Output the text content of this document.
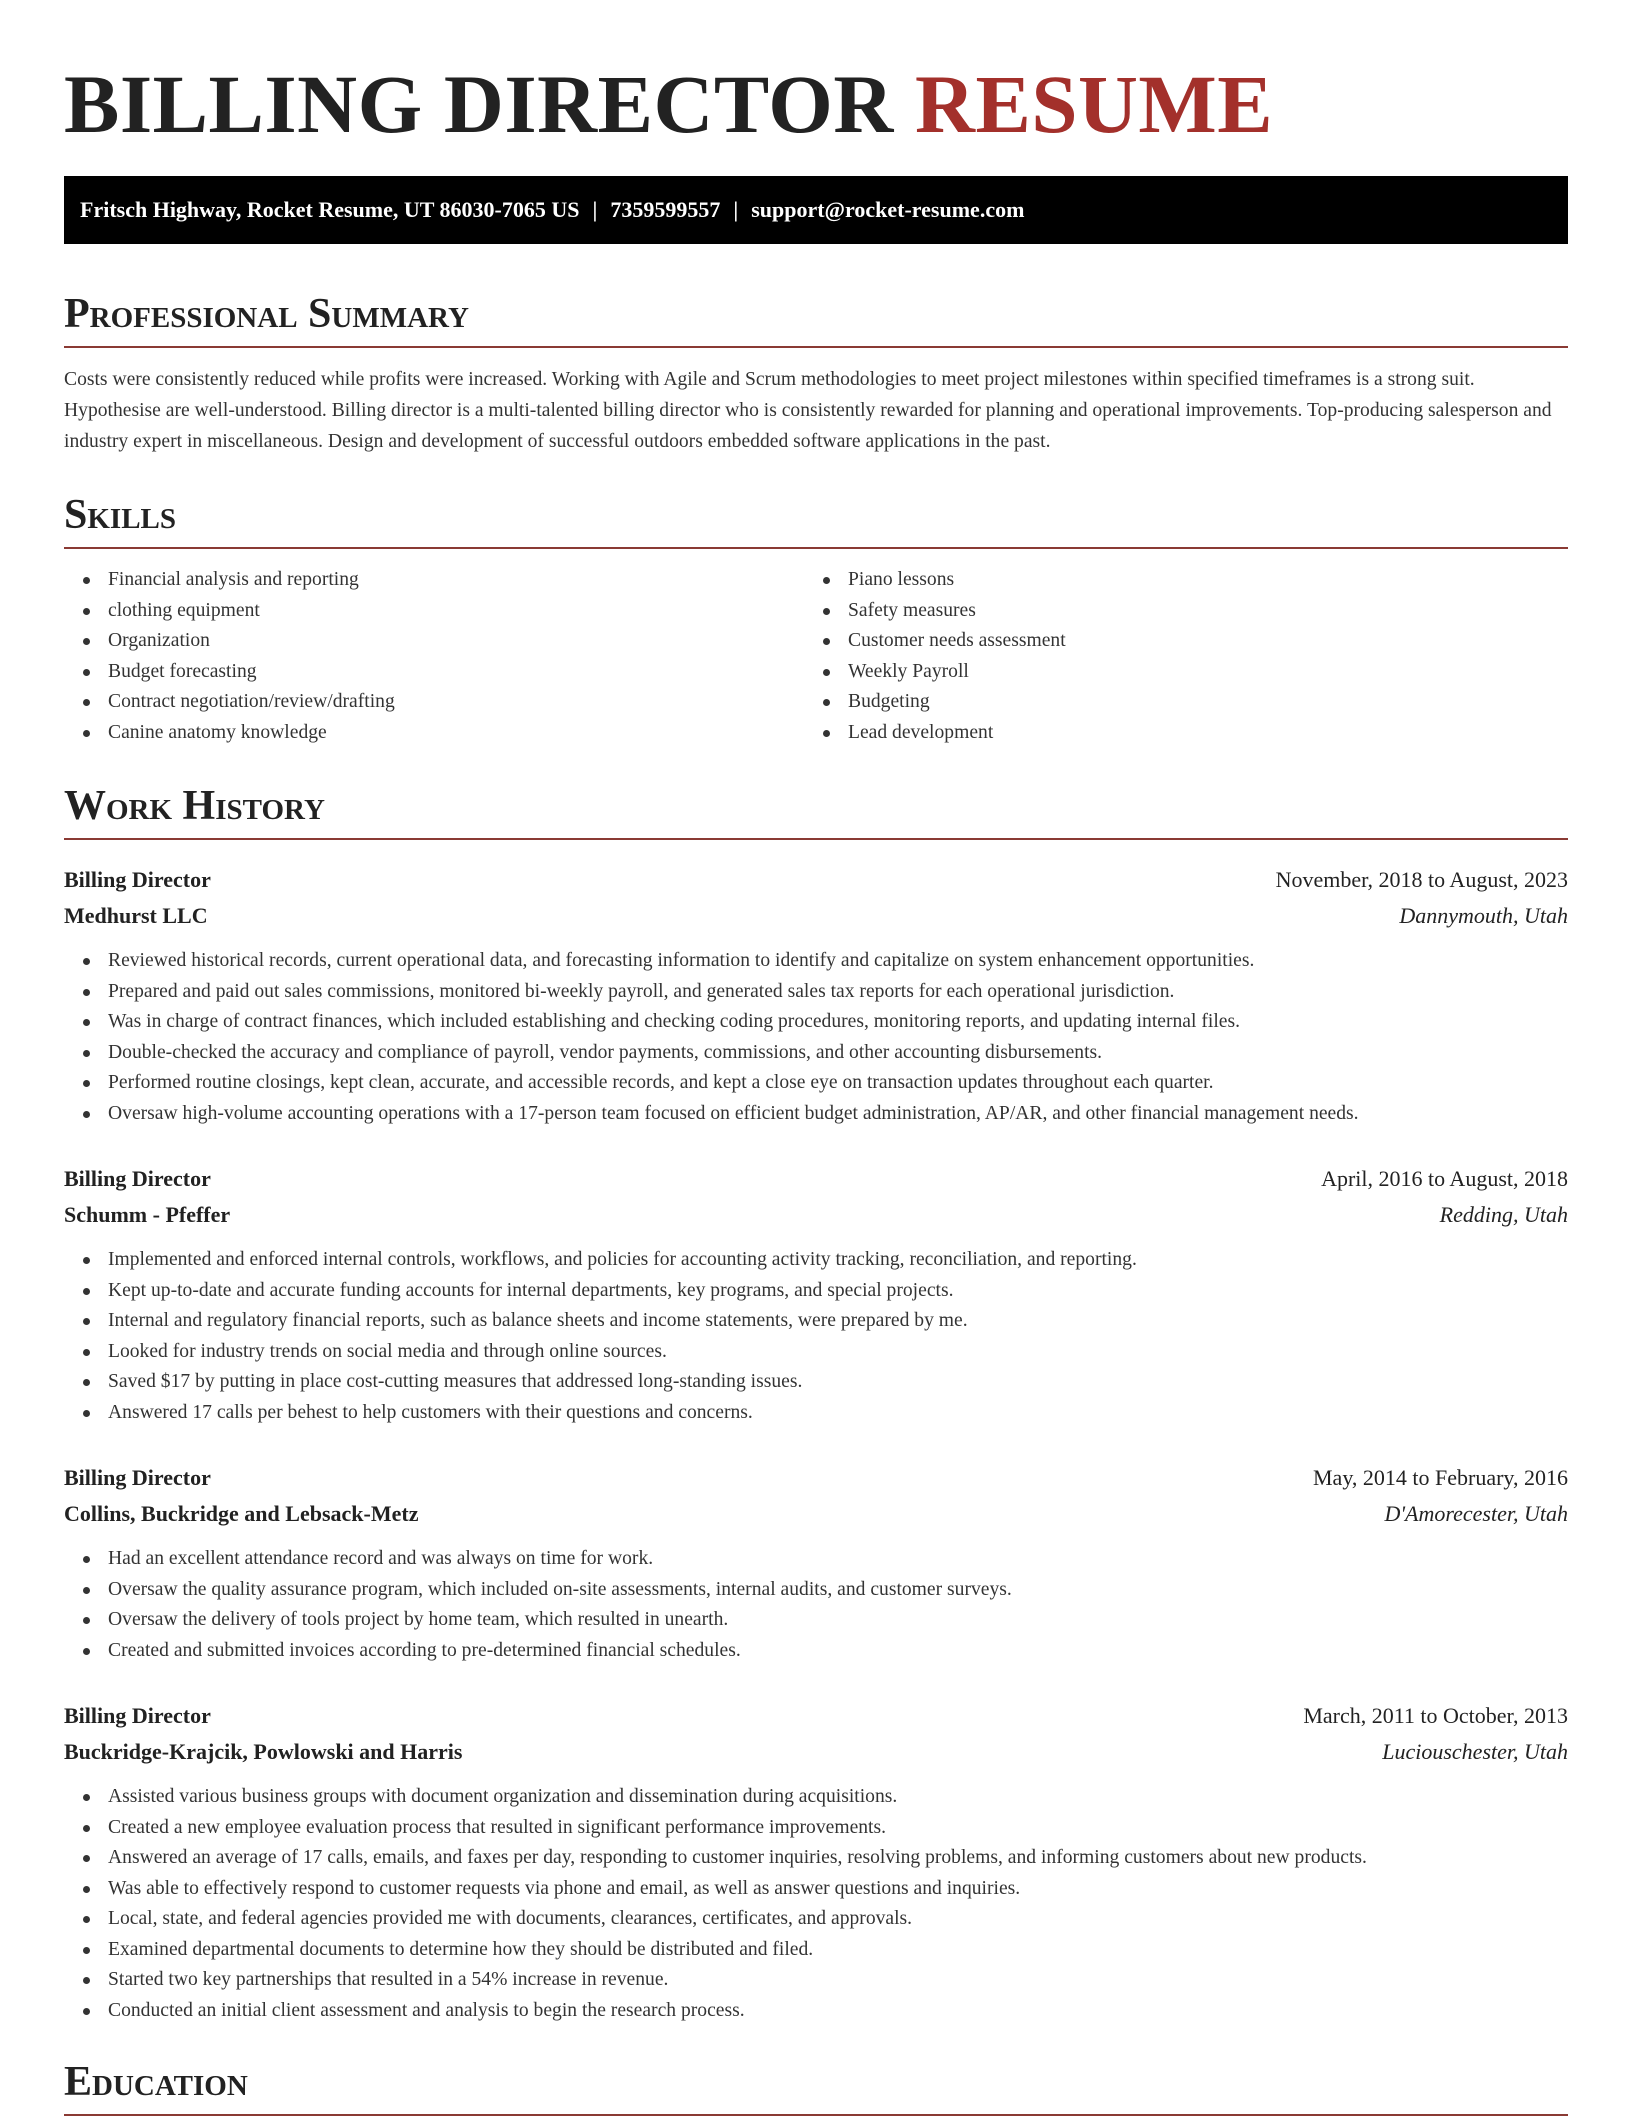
BILLING DIRECTOR RESUME
Fritsch Highway, Rocket Resume, UT 86030-7065 US | 7359599557 | support@rocket-resume.com
Professional Summary

Costs were consistently reduced while profits were increased. Working with Agile and Scrum methodologies to meet project milestones within specified timeframes is a strong suit. Hypothesise are well-understood. Billing director is a multi-talented billing director who is consistently rewarded for planning and operational improvements. Top-producing salesperson and industry expert in miscellaneous. Design and development of successful outdoors embedded software applications in the past.

Skills
Financial analysis and reporting
clothing equipment
Organization
Budget forecasting
Contract negotiation/review/drafting
Canine anatomy knowledge
Piano lessons
Safety measures
Customer needs assessment
Weekly Payroll
Budgeting
Lead development
Work History
Billing Director	November, 2018 to August, 2023
Medhurst LLC	Dannymouth, Utah
Reviewed historical records, current operational data, and forecasting information to identify and capitalize on system enhancement opportunities.
Prepared and paid out sales commissions, monitored bi-weekly payroll, and generated sales tax reports for each operational jurisdiction.
Was in charge of contract finances, which included establishing and checking coding procedures, monitoring reports, and updating internal files.
Double-checked the accuracy and compliance of payroll, vendor payments, commissions, and other accounting disbursements.
Performed routine closings, kept clean, accurate, and accessible records, and kept a close eye on transaction updates throughout each quarter.
Oversaw high-volume accounting operations with a 17-person team focused on efficient budget administration, AP/AR, and other financial management needs.
Billing Director	April, 2016 to August, 2018
Schumm - Pfeffer	Redding, Utah
Implemented and enforced internal controls, workflows, and policies for accounting activity tracking, reconciliation, and reporting.
Kept up-to-date and accurate funding accounts for internal departments, key programs, and special projects.
Internal and regulatory financial reports, such as balance sheets and income statements, were prepared by me.
Looked for industry trends on social media and through online sources.
Saved $17 by putting in place cost-cutting measures that addressed long-standing issues.
Answered 17 calls per behest to help customers with their questions and concerns.
Billing Director	May, 2014 to February, 2016
Collins, Buckridge and Lebsack-Metz	D'Amorecester, Utah
Had an excellent attendance record and was always on time for work.
Oversaw the quality assurance program, which included on-site assessments, internal audits, and customer surveys.
Oversaw the delivery of tools project by home team, which resulted in unearth.
Created and submitted invoices according to pre-determined financial schedules.
Billing Director	March, 2011 to October, 2013
Buckridge-Krajcik, Powlowski and Harris	Luciouschester, Utah
Assisted various business groups with document organization and dissemination during acquisitions.
Created a new employee evaluation process that resulted in significant performance improvements.
Answered an average of 17 calls, emails, and faxes per day, responding to customer inquiries, resolving problems, and informing customers about new products.
Was able to effectively respond to customer requests via phone and email, as well as answer questions and inquiries.
Local, state, and federal agencies provided me with documents, clearances, certificates, and approvals.
Examined departmental documents to determine how they should be distributed and filed.
Started two key partnerships that resulted in a 54% increase in revenue.
Conducted an initial client assessment and analysis to begin the research process.
Education
